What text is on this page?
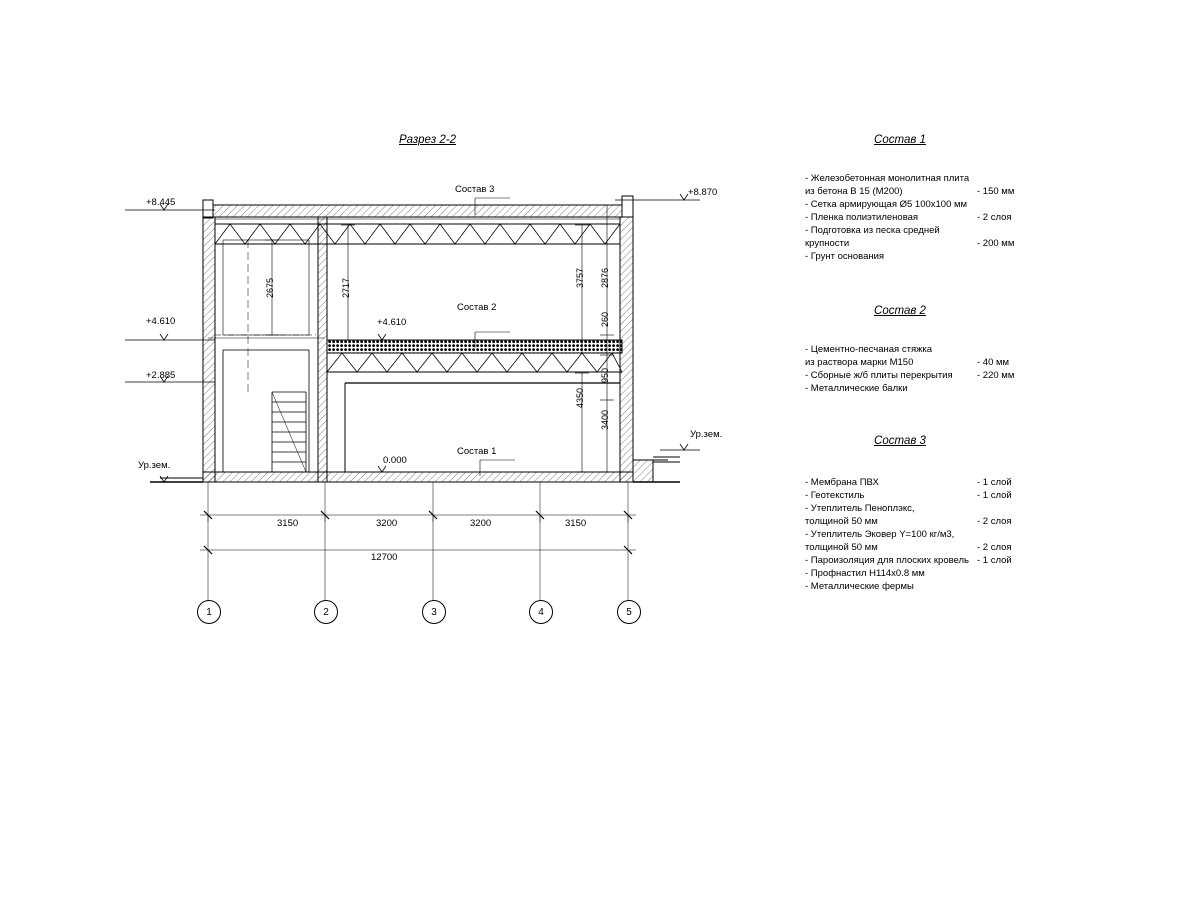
Разрез 2-2
+8.445
+8.870
+4.610
+2.885
+4.610
0.000
Ур.зем.
Ур.зем.
Состав 3
Состав 2
Состав 1
2675	2717	3757 2876
260
4350
950
3400
3150	3200	3200	3150
12700
1	2	3	4	5
Состав 1
- Железобетонная монолитная плита
из бетона В 15 (М200)	- 150 мм
- Сетка армирующая Ø5 100х100 мм
- Пленка полиэтиленовая	- 2 слоя
- Подготовка из песка средней
крупности	- 200 мм
- Грунт основания
Состав 2
- Цементно-песчаная стяжка
из раствора марки М150	- 40 мм
- Сборные ж/б плиты перекрытия	- 220 мм
- Металлические балки
Состав 3
- Мембрана ПВХ	- 1 слой
- Геотекстиль	- 1 слой
- Утеплитель Пеноплэкс,
толщиной 50 мм	- 2 слоя
- Утеплитель Эковер Y=100 кг/м3,
толщиной 50 мм	- 2 слоя
- Пароизоляция для плоских кровель - 1 слой
- Профнастил Н114х0.8 мм
- Металлические фермы
